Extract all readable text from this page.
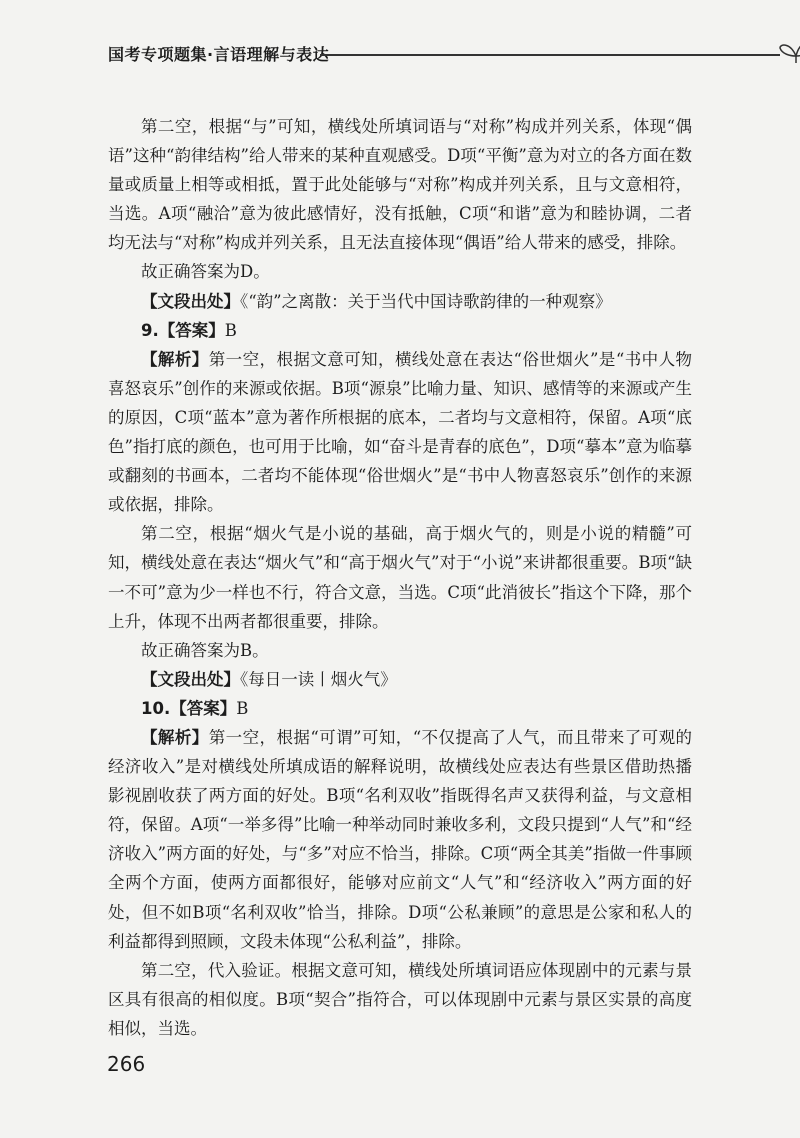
国考专项题集·言语理解与表达

第二空，根据“与”可知，横线处所填词语与“对称”构成并列关系，体现“偶语”这种“韵律结构”给人带来的某种直观感受。D项“平衡”意为对立的各方面在数量或质量上相等或相抵，置于此处能够与“对称”构成并列关系，且与文意相符，当选。A项“融洽”意为彼此感情好，没有抵触，C项“和谐”意为和睦协调，二者均无法与“对称”构成并列关系，且无法直接体现“偶语”给人带来的感受，排除。

故正确答案为D。

【文段出处】《“韵”之离散：关于当代中国诗歌韵律的一种观察》

9.【答案】B

【解析】第一空，根据文意可知，横线处意在表达“俗世烟火”是“书中人物喜怒哀乐”创作的来源或依据。B项“源泉”比喻力量、知识、感情等的来源或产生的原因，C项“蓝本”意为著作所根据的底本，二者均与文意相符，保留。A项“底色”指打底的颜色，也可用于比喻，如“奋斗是青春的底色”，D项“摹本”意为临摹或翻刻的书画本，二者均不能体现“俗世烟火”是“书中人物喜怒哀乐”创作的来源或依据，排除。

第二空，根据“烟火气是小说的基础，高于烟火气的，则是小说的精髓”可知，横线处意在表达“烟火气”和“高于烟火气”对于“小说”来讲都很重要。B项“缺一不可”意为少一样也不行，符合文意，当选。C项“此消彼长”指这个下降，那个上升，体现不出两者都很重要，排除。

故正确答案为B。

【文段出处】《每日一读丨烟火气》

10.【答案】B

【解析】第一空，根据“可谓”可知，“不仅提高了人气，而且带来了可观的经济收入”是对横线处所填成语的解释说明，故横线处应表达有些景区借助热播影视剧收获了两方面的好处。B项“名利双收”指既得名声又获得利益，与文意相符，保留。A项“一举多得”比喻一种举动同时兼收多利，文段只提到“人气”和“经济收入”两方面的好处，与“多”对应不恰当，排除。C项“两全其美”指做一件事顾全两个方面，使两方面都很好，能够对应前文“人气”和“经济收入”两方面的好处，但不如B项“名利双收”恰当，排除。D项“公私兼顾”的意思是公家和私人的利益都得到照顾，文段未体现“公私利益”，排除。

第二空，代入验证。根据文意可知，横线处所填词语应体现剧中的元素与景区具有很高的相似度。B项“契合”指符合，可以体现剧中元素与景区实景的高度相似，当选。

266
